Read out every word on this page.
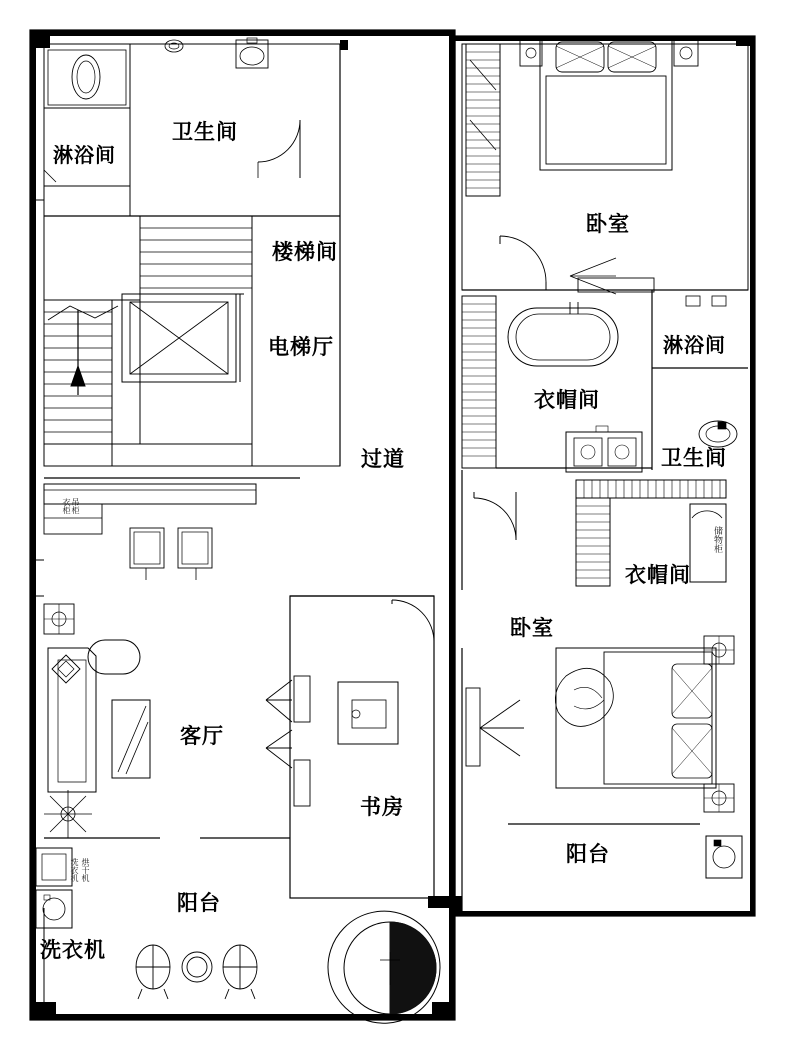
淋浴间
卫生间
楼梯间
电梯厅
过道
客厅
书房
阳台
洗衣机
卧室
淋浴间
衣帽间
卫生间
衣帽间
卧室
阳台
洗衣机 烘干机
衣柜 吊柜
储物柜
